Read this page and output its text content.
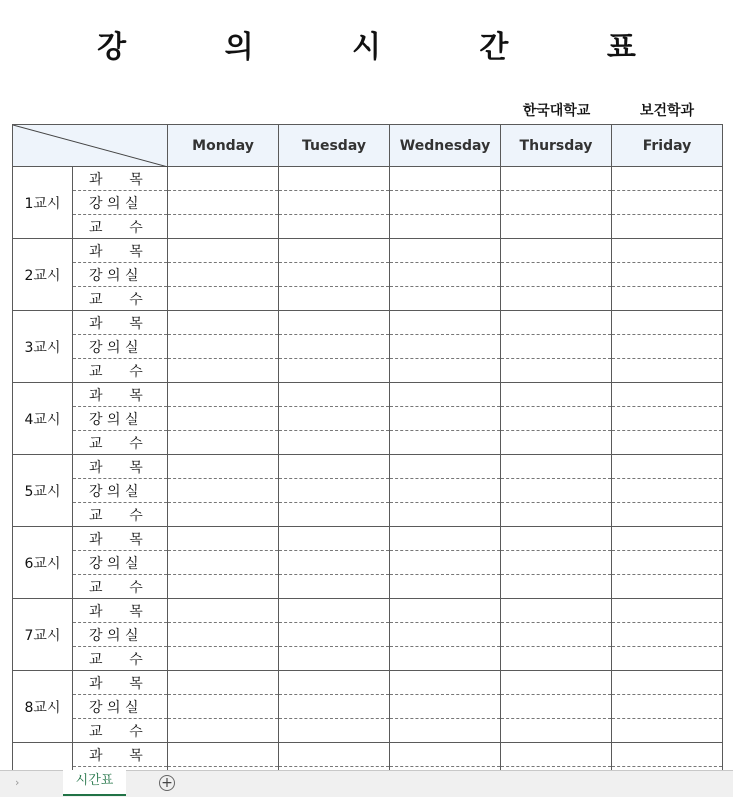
강 의 시 간 표
한국대학교	보건학과
	Monday	Tuesday	Wednesday	Thursday	Friday
1교시	과      목					
	강 의 실					
	교      수					
2교시	과      목					
	강 의 실					
	교      수					
3교시	과      목					
	강 의 실					
	교      수					
4교시	과      목					
	강 의 실					
	교      수					
5교시	과      목					
	강 의 실					
	교      수					
6교시	과      목					
	강 의 실					
	교      수					
7교시	과      목					
	강 의 실					
	교      수					
8교시	과      목					
	강 의 실					
	교      수					
	과      목					

›	시간표	+
